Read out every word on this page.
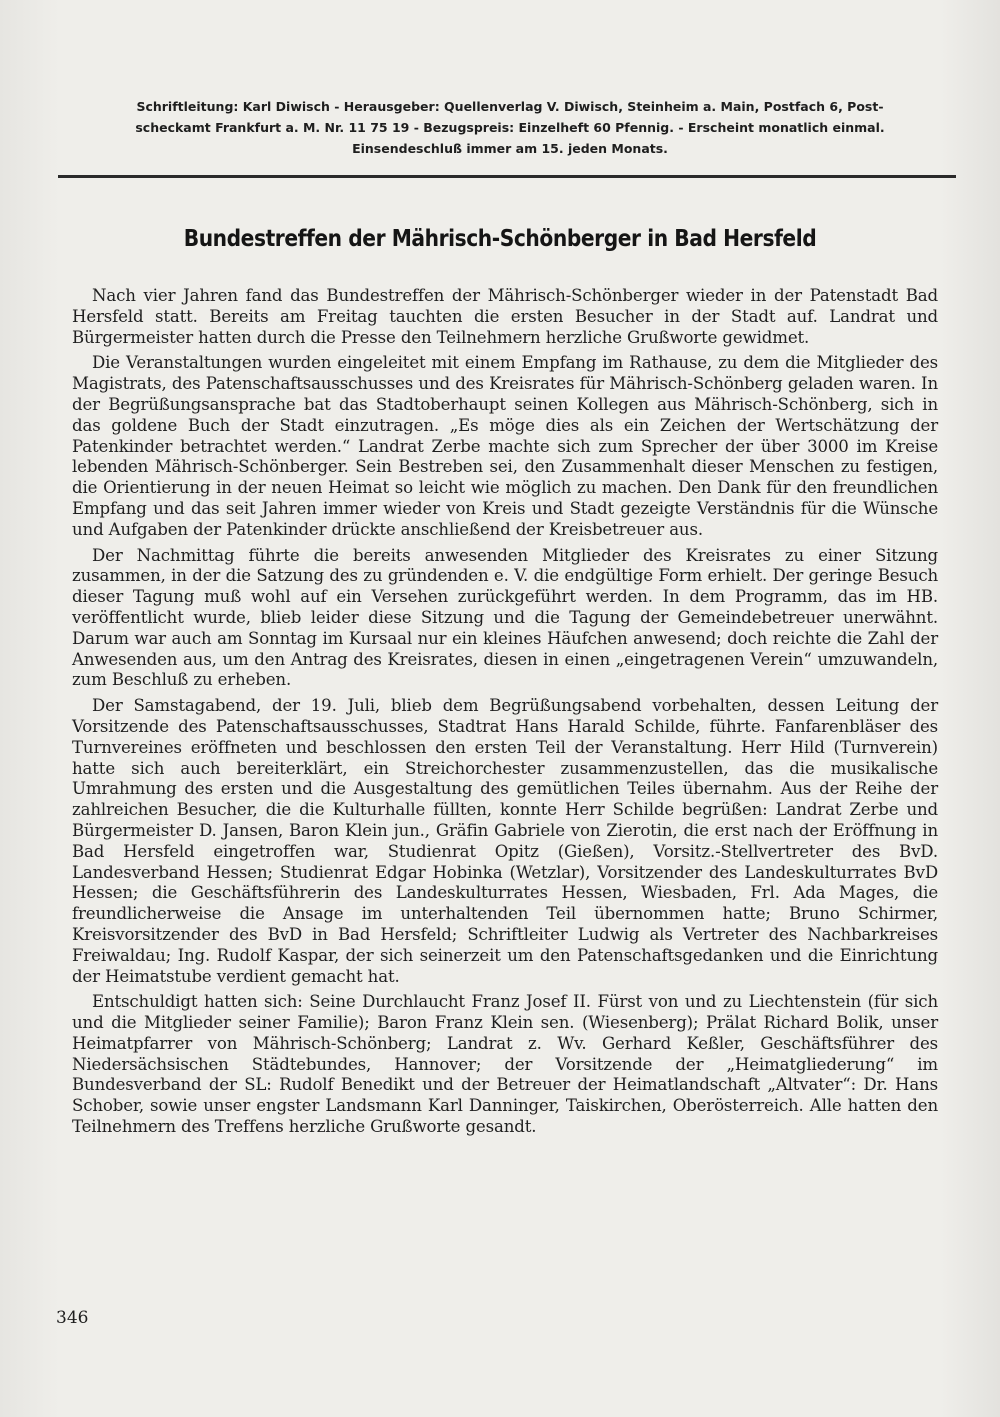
Schriftleitung: Karl Diwisch - Herausgeber: Quellenverlag V. Diwisch, Steinheim a. Main, Postfach 6, Post-
scheckamt Frankfurt a. M. Nr. 11 75 19 - Bezugspreis: Einzelheft 60 Pfennig. - Erscheint monatlich einmal.
Einsendeschluß immer am 15. jeden Monats.
Bundestreffen der Mährisch-Schönberger in Bad Hersfeld

Nach vier Jahren fand das Bundestreffen der Mährisch-Schönberger wieder in der Patenstadt Bad Hersfeld statt. Bereits am Freitag tauchten die ersten Besucher in der Stadt auf. Landrat und Bürgermeister hatten durch die Presse den Teilnehmern herzliche Grußworte gewidmet.

Die Veranstaltungen wurden eingeleitet mit einem Empfang im Rathause, zu dem die Mitglieder des Magistrats, des Patenschaftsausschusses und des Kreisrates für Mährisch-Schönberg geladen waren. In der Begrüßungsansprache bat das Stadtoberhaupt seinen Kollegen aus Mährisch-Schönberg, sich in das goldene Buch der Stadt einzutragen. „Es möge dies als ein Zeichen der Wertschätzung der Patenkinder betrachtet werden.“ Landrat Zerbe machte sich zum Sprecher der über 3000 im Kreise lebenden Mährisch-Schönberger. Sein Bestreben sei, den Zusammenhalt dieser Menschen zu festigen, die Orientierung in der neuen Heimat so leicht wie möglich zu machen. Den Dank für den freundlichen Empfang und das seit Jahren immer wieder von Kreis und Stadt gezeigte Verständnis für die Wünsche und Aufgaben der Patenkinder drückte anschließend der Kreisbetreuer aus.

Der Nachmittag führte die bereits anwesenden Mitglieder des Kreisrates zu einer Sitzung zusammen, in der die Satzung des zu gründenden e. V. die endgültige Form erhielt. Der geringe Besuch dieser Tagung muß wohl auf ein Versehen zurückgeführt werden. In dem Programm, das im HB. veröffentlicht wurde, blieb leider diese Sitzung und die Tagung der Gemeindebetreuer unerwähnt. Darum war auch am Sonntag im Kursaal nur ein kleines Häufchen anwesend; doch reichte die Zahl der Anwesenden aus, um den Antrag des Kreisrates, diesen in einen „eingetragenen Verein“ umzuwandeln, zum Beschluß zu erheben.

Der Samstagabend, der 19. Juli, blieb dem Begrüßungsabend vorbehalten, dessen Leitung der Vorsitzende des Patenschaftsausschusses, Stadtrat Hans Harald Schilde, führte. Fanfarenbläser des Turnvereines eröffneten und beschlossen den ersten Teil der Veranstaltung. Herr Hild (Turnverein) hatte sich auch bereiterklärt, ein Streichorchester zusammenzustellen, das die musikalische Umrahmung des ersten und die Ausgestaltung des gemütlichen Teiles übernahm. Aus der Reihe der zahlreichen Besucher, die die Kulturhalle füllten, konnte Herr Schilde begrüßen: Landrat Zerbe und Bürgermeister D. Jansen, Baron Klein jun., Gräfin Gabriele von Zierotin, die erst nach der Eröffnung in Bad Hersfeld eingetroffen war, Studienrat Opitz (Gießen), Vorsitz.-Stellvertreter des BvD. Landesverband Hessen; Studienrat Edgar Hobinka (Wetzlar), Vorsitzender des Landeskulturrates BvD Hessen; die Geschäftsführerin des Landeskulturrates Hessen, Wiesbaden, Frl. Ada Mages, die freundlicherweise die Ansage im unterhaltenden Teil übernommen hatte; Bruno Schirmer, Kreisvorsitzender des BvD in Bad Hersfeld; Schriftleiter Ludwig als Vertreter des Nachbarkreises Freiwaldau; Ing. Rudolf Kaspar, der sich seinerzeit um den Patenschaftsgedanken und die Einrichtung der Heimatstube verdient gemacht hat.

Entschuldigt hatten sich: Seine Durchlaucht Franz Josef II. Fürst von und zu Liechtenstein (für sich und die Mitglieder seiner Familie); Baron Franz Klein sen. (Wiesenberg); Prälat Richard Bolik, unser Heimatpfarrer von Mährisch-Schönberg; Landrat z. Wv. Gerhard Keßler, Geschäftsführer des Niedersächsischen Städtebundes, Hannover; der Vorsitzende der „Heimatgliederung“ im Bundesverband der SL: Rudolf Benedikt und der Betreuer der Heimatlandschaft „Altvater“: Dr. Hans Schober, sowie unser engster Landsmann Karl Danninger, Taiskirchen, Oberösterreich. Alle hatten den Teilnehmern des Treffens herzliche Grußworte gesandt.

346
